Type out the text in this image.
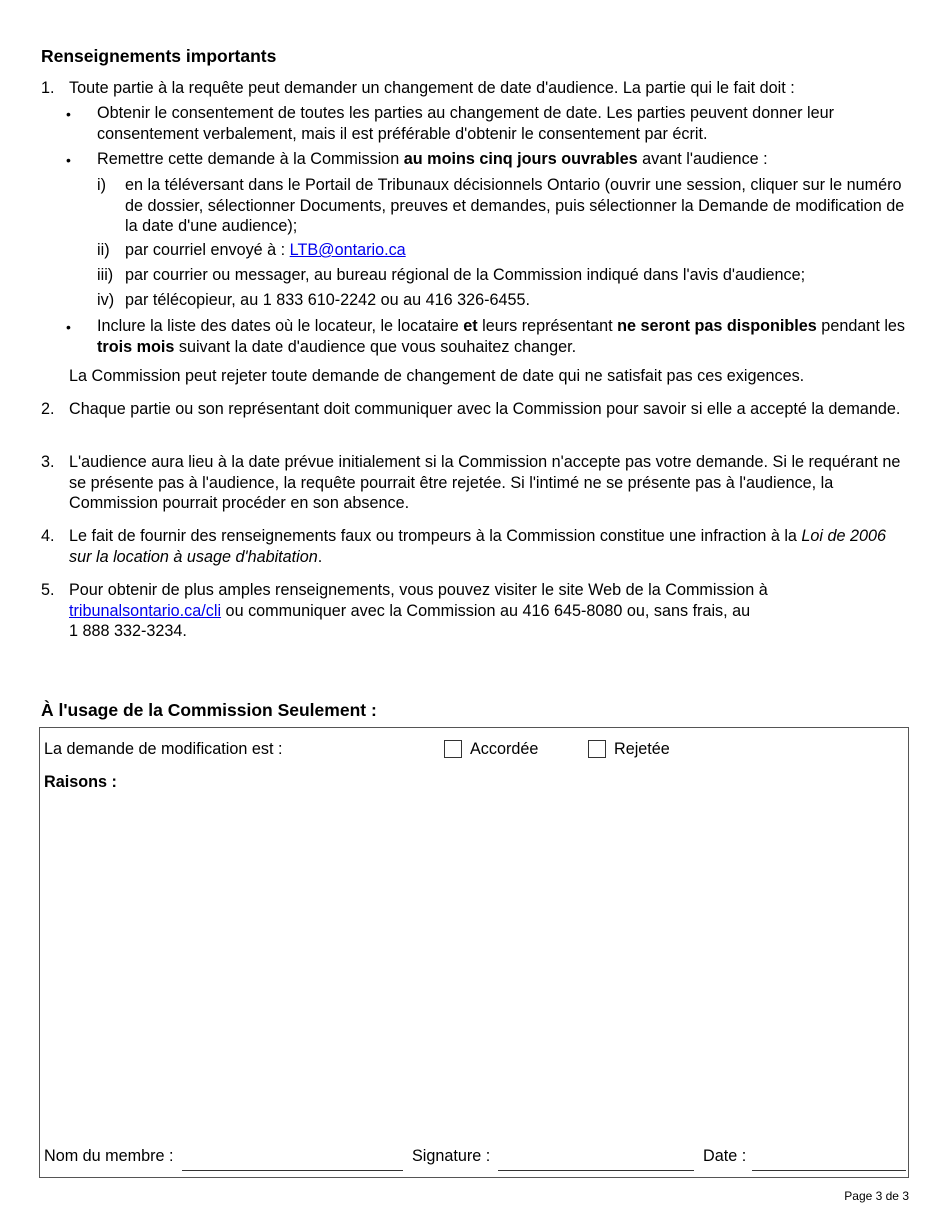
Renseignements importants
1. Toute partie à la requête peut demander un changement de date d'audience. La partie qui le fait doit :
• Obtenir le consentement de toutes les parties au changement de date. Les parties peuvent donner leur consentement verbalement, mais il est préférable d'obtenir le consentement par écrit.
• Remettre cette demande à la Commission au moins cinq jours ouvrables avant l'audience :
i)	en la téléversant dans le Portail de Tribunaux décisionnels Ontario (ouvrir une session, cliquer sur le numéro de dossier, sélectionner Documents, preuves et demandes, puis sélectionner la Demande de modification de la date d'une audience);
ii) par courriel envoyé à : LTB@ontario.ca
iii) par courrier ou messager, au bureau régional de la Commission indiqué dans l'avis d'audience;
iv) par télécopieur, au 1 833 610-2242 ou au 416 326-6455.
• Inclure la liste des dates où le locateur, le locataire et leurs représentant ne seront pas disponibles pendant les trois mois suivant la date d'audience que vous souhaitez changer.
La Commission peut rejeter toute demande de changement de date qui ne satisfait pas ces exigences.
2. Chaque partie ou son représentant doit communiquer avec la Commission pour savoir si elle a accepté la demande.
3. L'audience aura lieu à la date prévue initialement si la Commission n'accepte pas votre demande. Si le requérant ne se présente pas à l'audience, la requête pourrait être rejetée. Si l'intimé ne se présente pas à l'audience, la Commission pourrait procéder en son absence.
4. Le fait de fournir des renseignements faux ou trompeurs à la Commission constitue une infraction à la Loi de 2006 sur la location à usage d'habitation.
5. Pour obtenir de plus amples renseignements, vous pouvez visiter le site Web de la Commission à
tribunalsontario.ca/cli ou communiquer avec la Commission au 416 645-8080 ou, sans frais, au
1 888 332-3234.
À l'usage de la Commission Seulement :
La demande de modification est :	Accordée	Rejetée
Raisons :
Nom du membre :	Signature :	Date :
Page 3 de 3
